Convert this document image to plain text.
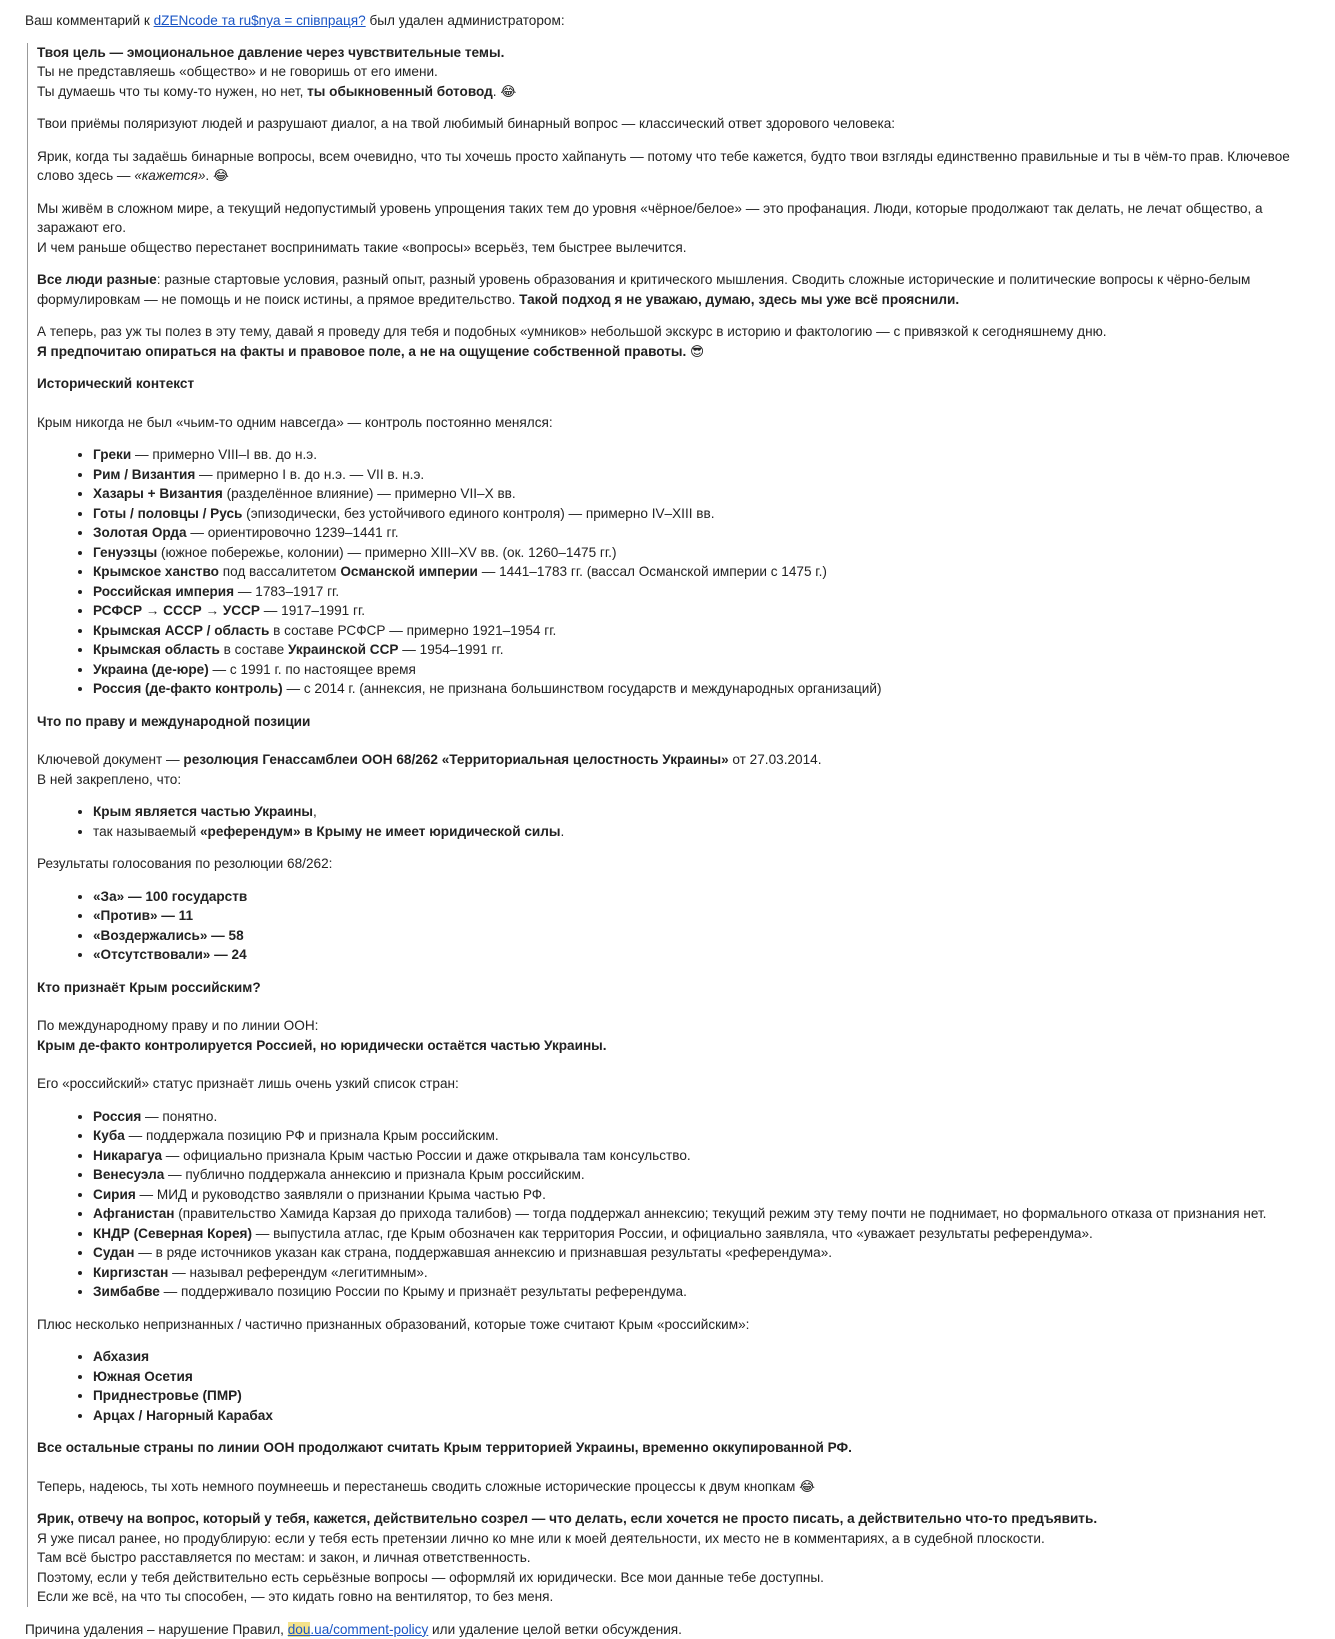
Ваш комментарий к dZENcode та ru$nya = співпраця? был удален администратором:

Твоя цель — эмоциональное давление через чувствительные темы.
Ты не представляешь «общество» и не говоришь от его имени.
Ты думаешь что ты кому-то нужен, но нет, ты обыкновенный ботовод. 😂

Твои приёмы поляризуют людей и разрушают диалог, а на твой любимый бинарный вопрос — классический ответ здорового человека:

Ярик, когда ты задаёшь бинарные вопросы, всем очевидно, что ты хочешь просто хайпануть — потому что тебе кажется, будто твои взгляды единственно правильные и ты в чём-то прав. Ключевое слово здесь — «кажется». 😂

Мы живём в сложном мире, а текущий недопустимый уровень упрощения таких тем до уровня «чёрное/белое» — это профанация. Люди, которые продолжают так делать, не лечат общество, а заражают его.
И чем раньше общество перестанет воспринимать такие «вопросы» всерьёз, тем быстрее вылечится.

Все люди разные: разные стартовые условия, разный опыт, разный уровень образования и критического мышления. Сводить сложные исторические и политические вопросы к чёрно-белым формулировкам — не помощь и не поиск истины, а прямое вредительство. Такой подход я не уважаю, думаю, здесь мы уже всё прояснили.

А теперь, раз уж ты полез в эту тему, давай я проведу для тебя и подобных «умников» небольшой экскурс в историю и фактологию — с привязкой к сегодняшнему дню.
Я предпочитаю опираться на факты и правовое поле, а не на ощущение собственной правоты. 😎

Исторический контекст

Крым никогда не был «чьим-то одним навсегда» — контроль постоянно менялся:

• Греки — примерно VIII–I вв. до н.э.
• Рим / Византия — примерно I в. до н.э. — VII в. н.э.
• Хазары + Византия (разделённое влияние) — примерно VII–X вв.
• Готы / половцы / Русь (эпизодически, без устойчивого единого контроля) — примерно IV–XIII вв.
• Золотая Орда — ориентировочно 1239–1441 гг.
• Генуэзцы (южное побережье, колонии) — примерно XIII–XV вв. (ок. 1260–1475 гг.)
• Крымское ханство под вассалитетом Османской империи — 1441–1783 гг. (вассал Османской империи с 1475 г.)
• Российская империя — 1783–1917 гг.
• РСФСР → СССР → УССР — 1917–1991 гг.
• Крымская АССР / область в составе РСФСР — примерно 1921–1954 гг.
• Крымская область в составе Украинской ССР — 1954–1991 гг.
• Украина (де-юре) — с 1991 г. по настоящее время
• Россия (де-факто контроль) — с 2014 г. (аннексия, не признана большинством государств и международных организаций)

Что по праву и международной позиции

Ключевой документ — резолюция Генассамблеи ООН 68/262 «Территориальная целостность Украины» от 27.03.2014.
В ней закреплено, что:

• Крым является частью Украины,
• так называемый «референдум» в Крыму не имеет юридической силы.

Результаты голосования по резолюции 68/262:

• «За» — 100 государств
• «Против» — 11
• «Воздержались» — 58
• «Отсутствовали» — 24

Кто признаёт Крым российским?

По международному праву и по линии ООН:
Крым де-факто контролируется Россией, но юридически остаётся частью Украины.

Его «российский» статус признаёт лишь очень узкий список стран:

• Россия — понятно.
• Куба — поддержала позицию РФ и признала Крым российским.
• Никарагуа — официально признала Крым частью России и даже открывала там консульство.
• Венесуэла — публично поддержала аннексию и признала Крым российским.
• Сирия — МИД и руководство заявляли о признании Крыма частью РФ.
• Афганистан (правительство Хамида Карзая до прихода талибов) — тогда поддержал аннексию; текущий режим эту тему почти не поднимает, но формального отказа от признания нет.
• КНДР (Северная Корея) — выпустила атлас, где Крым обозначен как территория России, и официально заявляла, что «уважает результаты референдума».
• Судан — в ряде источников указан как страна, поддержавшая аннексию и признавшая результаты «референдума».
• Киргизстан — называл референдум «легитимным».
• Зимбабве — поддерживало позицию России по Крыму и признаёт результаты референдума.

Плюс несколько непризнанных / частично признанных образований, которые тоже считают Крым «российским»:

• Абхазия
• Южная Осетия
• Приднестровье (ПМР)
• Арцах / Нагорный Карабах

Все остальные страны по линии ООН продолжают считать Крым территорией Украины, временно оккупированной РФ.

Теперь, надеюсь, ты хоть немного поумнеешь и перестанешь сводить сложные исторические процессы к двум кнопкам 😂

Ярик, отвечу на вопрос, который у тебя, кажется, действительно созрел — что делать, если хочется не просто писать, а действительно что-то предъявить.
Я уже писал ранее, но продублирую: если у тебя есть претензии лично ко мне или к моей деятельности, их место не в комментариях, а в судебной плоскости.
Там всё быстро расставляется по местам: и закон, и личная ответственность.
Поэтому, если у тебя действительно есть серьёзные вопросы — оформляй их юридически. Все мои данные тебе доступны.
Если же всё, на что ты способен, — это кидать говно на вентилятор, то без меня.

Причина удаления – нарушение Правил, dou.ua/comment-policy или удаление целой ветки обсуждения.
